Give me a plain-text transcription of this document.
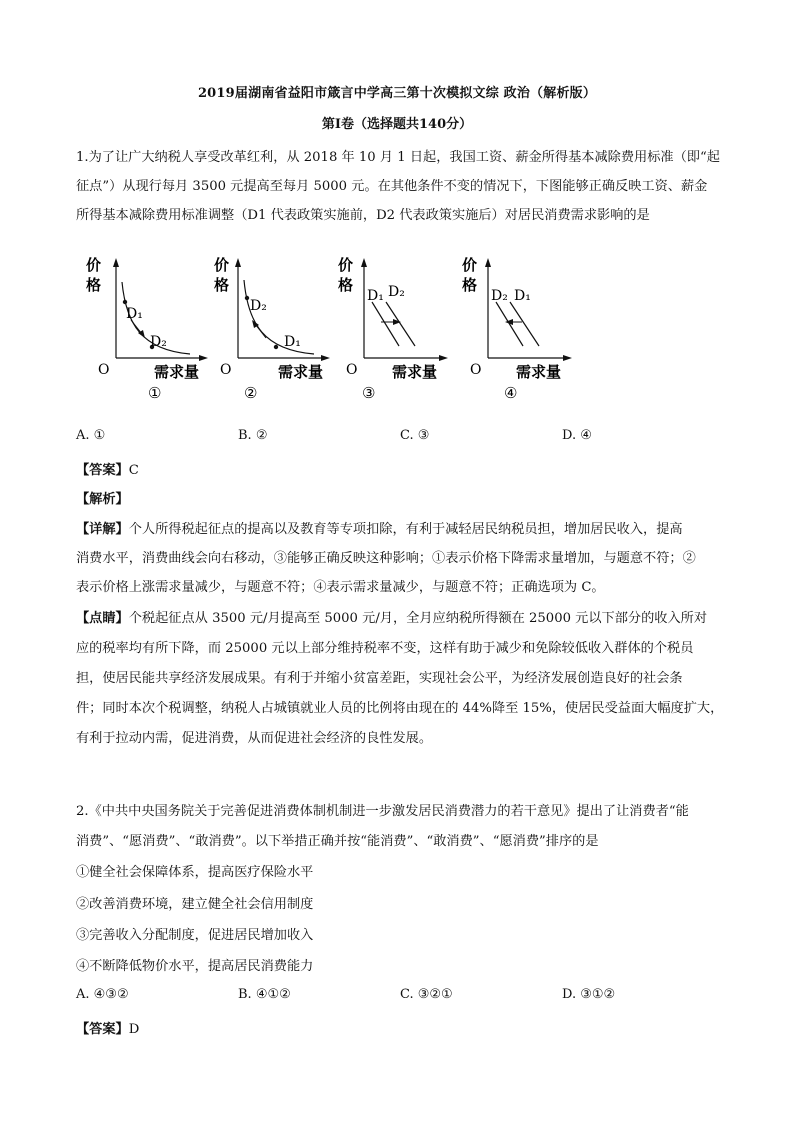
2019届湖南省益阳市箴言中学高三第十次模拟文综 政治（解析版）
第Ⅰ卷（选择题共140分）
1.为了让广大纳税人享受改革红利，从 2018 年 10 月 1 日起，我国工资、薪金所得基本减除费用标准（即“起
征点”）从现行每月 3500 元提高至每月 5000 元。在其他条件不变的情况下，下图能够正确反映工资、薪金
所得基本减除费用标准调整（D1 代表政策实施前，D2 代表政策实施后）对居民消费需求影响的是
价
格
D₁
D₂
O	需求量
①
价
格
D₂
D₁
O	需求量
②
价
格
D₁ D₂
O 需求量
③
价
格
D₂ D₁
O 需求量
④
A. ①	B. ②	C. ③	D. ④
【答案】C
【解析】
【详解】个人所得税起征点的提高以及教育等专项扣除，有利于减轻居民纳税员担，增加居民收入，提高
消费水平，消费曲线会向右移动，③能够正确反映这种影响；①表示价格下降需求量增加，与题意不符；②
表示价格上涨需求量减少，与题意不符；④表示需求量减少，与题意不符；正确选项为 C。
【点睛】个税起征点从 3500 元/月提高至 5000 元/月，全月应纳税所得额在 25000 元以下部分的收入所对
应的税率均有所下降，而 25000 元以上部分维持税率不变，这样有助于减少和免除较低收入群体的个税员
担，使居民能共享经济发展成果。有利于并缩小贫富差距，实现社会公平，为经济发展创造良好的社会条
件；同时本次个税调整，纳税人占城镇就业人员的比例将由现在的 44%降至 15%，使居民受益面大幅度扩大，
有利于拉动内需，促进消费，从而促进社会经济的良性发展。
2.《中共中央国务院关于完善促进消费体制机制进一步激发居民消费潜力的若干意见》提出了让消费者“能
消费”、“愿消费”、“敢消费”。以下举措正确并按“能消费”、“敢消费”、“愿消费”排序的是
①健全社会保障体系，提高医疗保险水平
②改善消费环境，建立健全社会信用制度
③完善收入分配制度，促进居民增加收入
④不断降低物价水平，提高居民消费能力
A. ④③②	B. ④①②	C. ③②①	D. ③①②
【答案】D
